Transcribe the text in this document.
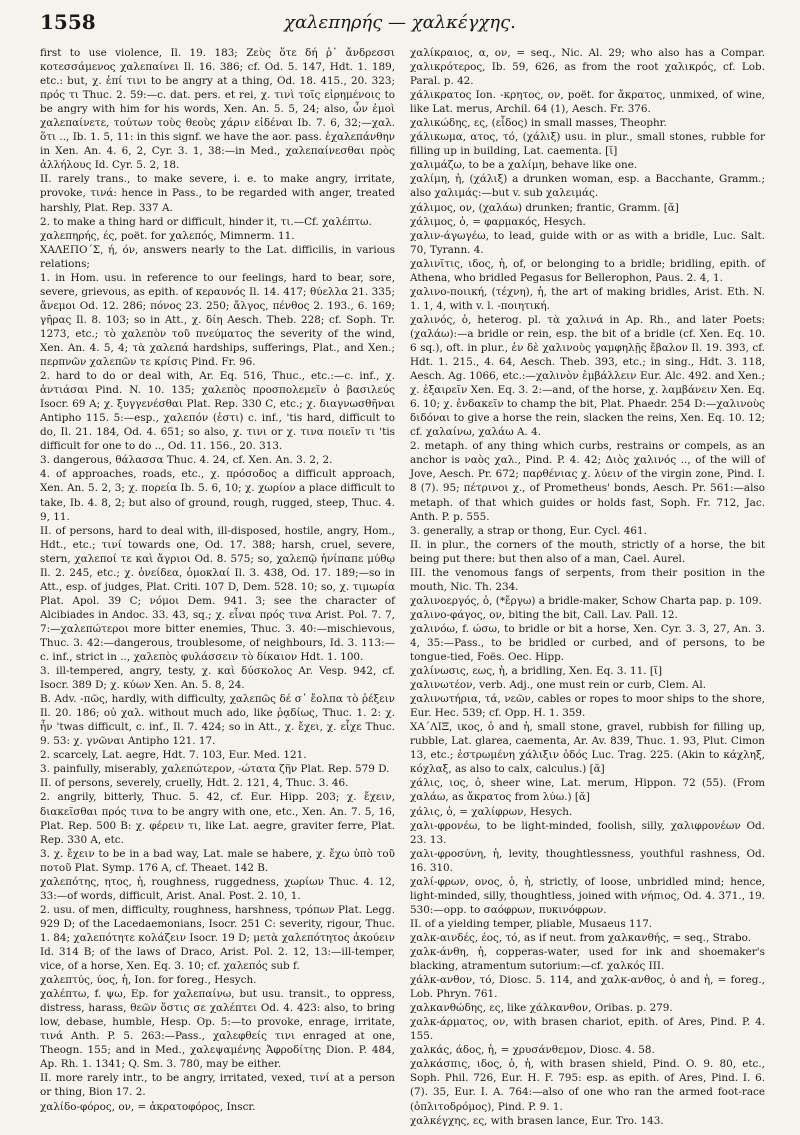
1558	χαλεπηρής — χαλκέγχης.

first to use violence, Il. 19. 183; Ζεὺς ὅτε δή ῥ᾽ ἄνδρεσσι κοτεσσάμενος χαλεπαίνει Il. 16. 386; cf. Od. 5. 147, Hdt. 1. 189, etc.: but, χ. ἐπί τινι to be angry at a thing, Od. 18. 415., 20. 323; πρός τι Thuc. 2. 59:—c. dat. pers. et rei, χ. τινὶ τοῖς εἰρημένοις to be angry with him for his words, Xen. An. 5. 5, 24; also, ὧν ἐμοὶ χαλεπαίνετε, τούτων τοὺς θεοὺς χάριν εἰδέναι Ib. 7. 6, 32;—χαλ. ὅτι .., Ib. 1. 5, 11: in this signf. we have the aor. pass. ἐχαλεπάνθην in Xen. An. 4. 6, 2, Cyr. 3. 1, 38:—in Med., χαλεπαίνεσθαι πρὸς ἀλλήλους Id. Cyr. 5. 2, 18.

II. rarely trans., to make severe, i. e. to make angry, irritate, provoke, τινά: hence in Pass., to be regarded with anger, treated harshly, Plat. Rep. 337 A.

2. to make a thing hard or difficult, hinder it, τι.—Cf. χαλέπτω.

χαλεπηρής, ές, poët. for χαλεπός, Mimnerm. 11.

ΧΑΛΕΠΟ´Σ, ή, όν, answers nearly to the Lat. difficilis, in various relations;

1. in Hom. usu. in reference to our feelings, hard to bear, sore, severe, grievous, as epith. of κεραυνός Il. 14. 417; θύελλα 21. 335; ἄνεμοι Od. 12. 286; πόνος 23. 250; ἄλγος, πένθος 2. 193., 6. 169; γῆρας Il. 8. 103; so in Att., χ. δίη Aesch. Theb. 228; cf. Soph. Tr. 1273, etc.; τὸ χαλεπὸν τοῦ πνεύματος the severity of the wind, Xen. An. 4. 5, 4; τὰ χαλεπά hardships, sufferings, Plat., and Xen.; περπνῶν χαλεπῶν τε κρίσις Pind. Fr. 96.

2. hard to do or deal with, Ar. Eq. 516, Thuc., etc.:—c. inf., χ. ἀντιάσαι Pind. N. 10. 135; χαλεπὸς προσπολεμεῖν ὁ βασιλεύς Isocr. 69 A; χ. ξυγγενέσθαι Plat. Rep. 330 C, etc.; χ. διαγνωσθῆναι Antipho 115. 5:—esp., χαλεπόν (ἐστι) c. inf., 'tis hard, difficult to do, Il. 21. 184, Od. 4. 651; so also, χ. τινι or χ. τινα ποιεῖν τι 'tis difficult for one to do .., Od. 11. 156., 20. 313.

3. dangerous, θάλασσα Thuc. 4. 24, cf. Xen. An. 3. 2, 2.

4. of approaches, roads, etc., χ. πρόσοδος a difficult approach, Xen. An. 5. 2, 3; χ. πορεία Ib. 5. 6, 10; χ. χωρίον a place difficult to take, Ib. 4. 8, 2; but also of ground, rough, rugged, steep, Thuc. 4. 9, 11.

II. of persons, hard to deal with, ill-disposed, hostile, angry, Hom., Hdt., etc.; τινί towards one, Od. 17. 388; harsh, cruel, severe, stern, χαλεποί τε καὶ ἄγριοι Od. 8. 575; so, χαλεπῷ ἠνίπαπε μύθῳ Il. 2. 245, etc.; χ. ὀνείδεα, ὁμοκλαί Il. 3. 438, Od. 17. 189;—so in Att., esp. of judges, Plat. Criti. 107 D, Dem. 528. 10; so, χ. τιμωρία Plat. Apol. 39 C; νόμοι Dem. 941. 3; see the character of Alcibiades in Andoc. 33. 43, sq.; χ. εἶναι πρός τινα Arist. Pol. 7. 7, 7:—χαλεπώτεροι more bitter enemies, Thuc. 3. 40:—mischievous, Thuc. 3. 42:—dangerous, troublesome, of neighbours, Id. 3. 113:—c. inf., strict in .., χαλεπὸς φυλάσσειν τὸ δίκαιον Hdt. 1. 100.

3. ill-tempered, angry, testy, χ. καὶ δύσκολος Ar. Vesp. 942, cf. Isocr. 389 D; χ. κύων Xen. An. 5. 8, 24.

B. Adv. -πῶς, hardly, with difficulty, χαλεπῶς δέ σ᾽ ἔολπα τὸ ῥέξειν Il. 20. 186; οὐ χαλ. without much ado, like ῥᾳδίως, Thuc. 1. 2: χ. ἦν 'twas difficult, c. inf., Il. 7. 424; so in Att., χ. ἔχει, χ. εἶχε Thuc. 9. 53: χ. γνῶναι Antipho 121. 17.

2. scarcely, Lat. aegre, Hdt. 7. 103, Eur. Med. 121.

3. painfully, miserably, χαλεπώτερον, -ώτατα ζῆν Plat. Rep. 579 D.

II. of persons, severely, cruelly, Hdt. 2. 121, 4, Thuc. 3. 46.

2. angrily, bitterly, Thuc. 5. 42, cf. Eur. Hipp. 203; χ. ἔχειν, διακεῖσθαι πρός τινα to be angry with one, etc., Xen. An. 7. 5, 16, Plat. Rep. 500 B: χ. φέρειν τι, like Lat. aegre, graviter ferre, Plat. Rep. 330 A, etc.

3. χ. ἔχειν to be in a bad way, Lat. male se habere, χ. ἔχω ὑπὸ τοῦ ποτοῦ Plat. Symp. 176 A, cf. Theaet. 142 B.

χαλεπότης, ητος, ἡ, roughness, ruggedness, χωρίων Thuc. 4. 12, 33:—of words, difficult, Arist. Anal. Post. 2. 10, 1.

2. usu. of men, difficulty, roughness, harshness, τρόπων Plat. Legg. 929 D; of the Lacedaemonians, Isocr. 251 C: severity, rigour, Thuc. 1. 84; χαλεπότητε κολάζειν Isocr. 19 D; μετὰ χαλεπότητος ἀκούειν Id. 314 B; of the laws of Draco, Arist. Pol. 2. 12, 13:—ill-temper, vice, of a horse, Xen. Eq. 3. 10; cf. χαλεπός sub f.

χαλεπτύς, ύος, ἡ, Ion. for foreg., Hesych.

χαλέπτω, f. ψω, Ep. for χαλεπαίνω, but usu. transit., to oppress, distress, harass, θεῶν ὅστις σε χαλέπτει Od. 4. 423: also, to bring low, debase, humble, Hesp. Op. 5:—to provoke, enrage, irritate, τινά Anth. P. 5. 263:—Pass., χαλεφθείς τινι enraged at one, Theogn. 155; and in Med., χαλεψαμένης Ἀφροδίτης Dion. P. 484, Ap. Rh. 1. 1341; Q. Sm. 3. 780, may be either.

II. more rarely intr., to be angry, irritated, vexed, τινί at a person or thing, Bion 17. 2.

χαλίδο-φόρος, ον, = ἀκρατοφόρος, Inscr.

χαλίκραιος, α, ον, = seq., Nic. Al. 29; who also has a Compar. χαλικρότερος, Ib. 59, 626, as from the root χαλικρός, cf. Lob. Paral. p. 42.

χάλικρατος Ion. -κρητος, ον, poët. for ἄκρατος, unmixed, of wine, like Lat. merus, Archil. 64 (1), Aesch. Fr. 376.

χαλικώδης, ες, (εἶδος) in small masses, Theophr.

χάλικωμα, ατος, τό, (χάλιξ) usu. in plur., small stones, rubble for filling up in building, Lat. caementa. [ῐ]

χαλιμάζω, to be a χαλίμη, behave like one.

χαλίμη, ἡ, (χάλιξ) a drunken woman, esp. a Bacchante, Gramm.; also χαλιμάς:—but v. sub χαλειμάς.

χάλιμος, ον, (χαλάω) drunken; frantic, Gramm. [ᾰ]

χάλιμος, ὁ, = φαρμακός, Hesych.

χαλιν-άγωγέω, to lead, guide with or as with a bridle, Luc. Salt. 70, Tyrann. 4.

χαλινῖτις, ιδος, ἡ, of, or belonging to a bridle; bridling, epith. of Athena, who bridled Pegasus for Bellerophon, Paus. 2. 4, 1.

χαλινο-ποιική, (τέχνη), ἡ, the art of making bridles, Arist. Eth. N. 1. 1, 4, with v. l. -ποιητική.

χαλινός, ὁ, heterog. pl. τὰ χαλινά in Ap. Rh., and later Poets: (χαλάω):—a bridle or rein, esp. the bit of a bridle (cf. Xen. Eq. 10. 6 sq.), oft. in plur., ἐν δὲ χαλινοὺς γαμφηλῇς ἔβαλον Il. 19. 393, cf. Hdt. 1. 215., 4. 64, Aesch. Theb. 393, etc.; in sing., Hdt. 3. 118, Aesch. Ag. 1066, etc.:—χαλινὸν ἐμβάλλειν Eur. Alc. 492. and Xen.; χ. ἐξαιρεῖν Xen. Eq. 3. 2:—and, of the horse, χ. λαμβάνειν Xen. Eq. 6. 10; χ. ἐνδακεῖν to champ the bit, Plat. Phaedr. 254 D:—χαλινοὺς διδόναι to give a horse the rein, slacken the reins, Xen. Eq. 10. 12; cf. χαλαίνω, χαλάω A. 4.

2. metaph. of any thing which curbs, restrains or compels, as an anchor is ναὸς χαλ., Pind. P. 4. 42; Διὸς χαλινός .., of the will of Jove, Aesch. Pr. 672; παρθένιας χ. λύειν of the virgin zone, Pind. I. 8 (7). 95; πέτρινοι χ., of Prometheus' bonds, Aesch. Pr. 561:—also metaph. of that which guides or holds fast, Soph. Fr. 712, Jac. Anth. P. p. 555.

3. generally, a strap or thong, Eur. Cycl. 461.

II. in plur., the corners of the mouth, strictly of a horse, the bit being put there: but then also of a man, Cael. Aurel.

III. the venomous fangs of serpents, from their position in the mouth, Nic. Th. 234.

χαλινοεργός, ὁ, (*ἔργω) a bridle-maker, Schow Charta pap. p. 109.

χαλινο-φάγος, ον, biting the bit, Call. Lav. Pall. 12.

χαλινόω, f. ώσω, to bridle or bit a horse, Xen. Cyr. 3. 3, 27, An. 3. 4, 35:—Pass., to be bridled or curbed, and of persons, to be tongue-tied, Foës. Oec. Hipp.

χαλίνωσις, εως, ἡ, a bridling, Xen. Eq. 3. 11. [ῐ]

χαλινωτέον, verb. Adj., one must rein or curb, Clem. Al.

χαλινωτήρια, τά, νεῶν, cables or ropes to moor ships to the shore, Eur. Hec. 539; cf. Opp. H. 1. 359.

ΧΑ´ΛΙΞ, ικος, ὁ and ἡ, small stone, gravel, rubbish for filling up, rubble, Lat. glarea, caementa, Ar. Av. 839, Thuc. 1. 93, Plut. Cimon 13, etc.; ἐστρωμένη χάλιξιν ὁδός Luc. Trag. 225. (Akin to κάχληξ, κόχλαξ, as also to calx, calculus.) [ᾰ]

χάλις, ιος, ὁ, sheer wine, Lat. merum, Hippon. 72 (55). (From χαλάω, as ἄκρατος from λύω.) [ᾰ]

χάλις, ὁ, = χαλίφρων, Hesych.

χαλι-φρονέω, to be light-minded, foolish, silly, χαλιφρονέων Od. 23. 13.

χαλι-φροσύνη, ἡ, levity, thoughtlessness, youthful rashness, Od. 16. 310.

χαλί-φρων, ονος, ὁ, ἡ, strictly, of loose, unbridled mind; hence, light-minded, silly, thoughtless, joined with νήπιος, Od. 4. 371., 19. 530:—opp. to σαόφρων, πυκινόφρων.

II. of a yielding temper, pliable, Musaeus 117.

χαλκ-αινδές, έος, τό, as if neut. from χαλκανθής, = seq., Strabo.

χαλκ-άνθη, ἡ, copperas-water, used for ink and shoemaker's blacking, atramentum sutorium:—cf. χαλκός III.

χάλκ-ανθον, τό, Diosc. 5. 114, and χαλκ-ανθος, ὁ and ἡ, = foreg., Lob. Phryn. 761.

χαλκανθώδης, ες, like χάλκανθον, Oribas. p. 279.

χαλκ-άρματος, ον, with brasen chariot, epith. of Ares, Pind. P. 4. 155.

χαλκάς, άδος, ἡ, = χρυσάνθεμον, Diosc. 4. 58.

χαλκάσπις, ιδος, ὁ, ἡ, with brasen shield, Pind. O. 9. 80, etc., Soph. Phil. 726, Eur. H. F. 795: esp. as epith. of Ares, Pind. I. 6. (7). 35, Eur. I. A. 764:—also of one who ran the armed foot-race (ὁπλιτοδρόμος), Pind. P. 9. 1.

χαλκέγχης, ες, with brasen lance, Eur. Tro. 143.
